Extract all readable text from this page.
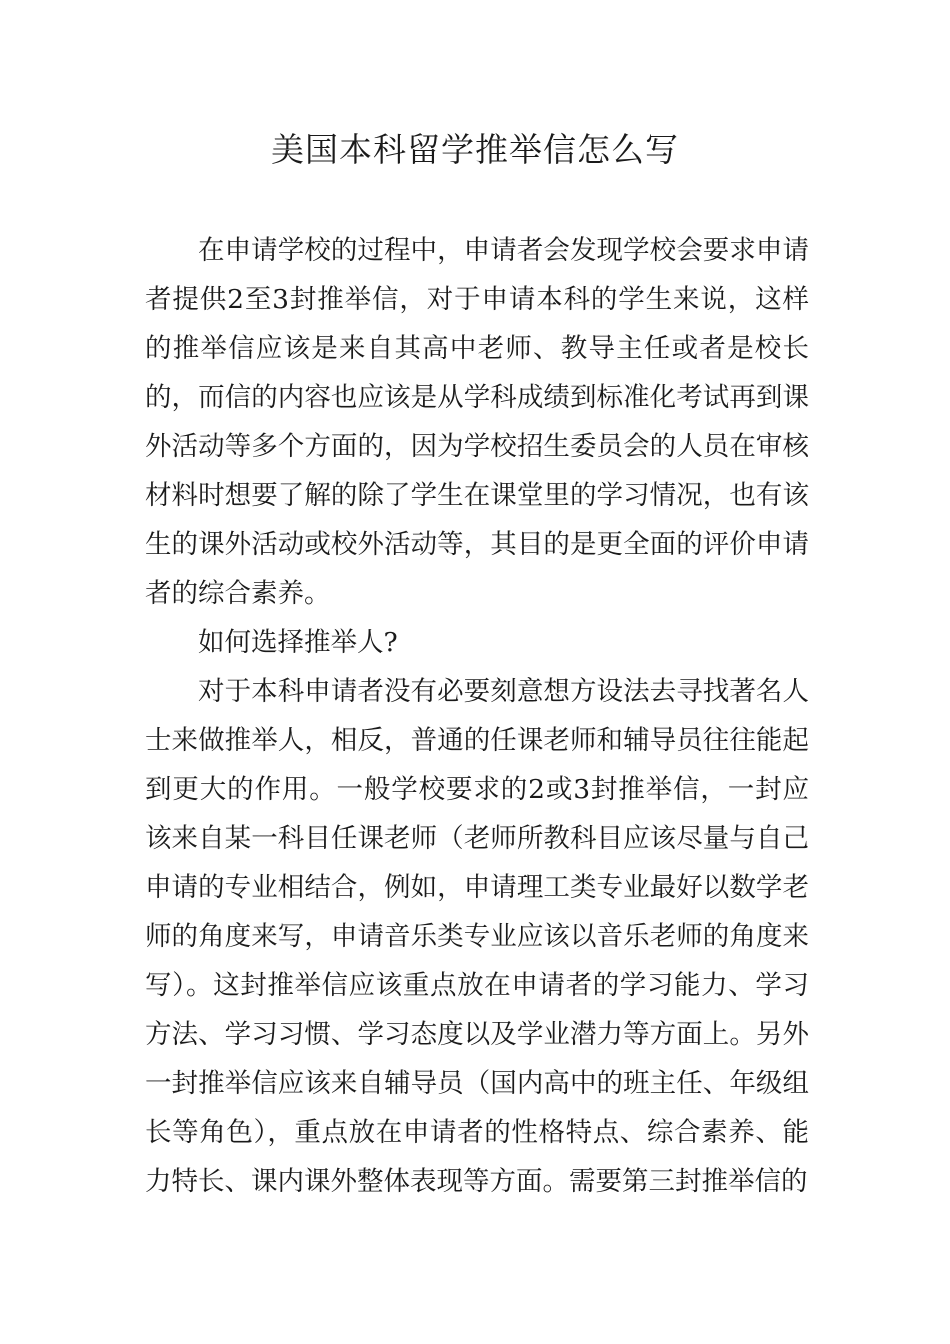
美国本科留学推举信怎么写

在申请学校的过程中，申请者会发现学校会要求申请者提供2至3封推举信，对于申请本科的学生来说，这样的推举信应该是来自其高中老师、教导主任或者是校长的，而信的内容也应该是从学科成绩到标准化考试再到课外活动等多个方面的，因为学校招生委员会的人员在审核材料时想要了解的除了学生在课堂里的学习情况，也有该生的课外活动或校外活动等，其目的是更全面的评价申请者的综合素养。

如何选择推举人?

对于本科申请者没有必要刻意想方设法去寻找著名人士来做推举人，相反，普通的任课老师和辅导员往往能起到更大的作用。一般学校要求的2或3封推举信，一封应该来自某一科目任课老师（老师所教科目应该尽量与自己申请的专业相结合，例如，申请理工类专业最好以数学老师的角度来写，申请音乐类专业应该以音乐老师的角度来写）。这封推举信应该重点放在申请者的学习能力、学习方法、学习习惯、学习态度以及学业潜力等方面上。另外一封推举信应该来自辅导员（国内高中的班主任、年级组长等角色），重点放在申请者的性格特点、综合素养、能力特长、课内课外整体表现等方面。需要第三封推举信的
